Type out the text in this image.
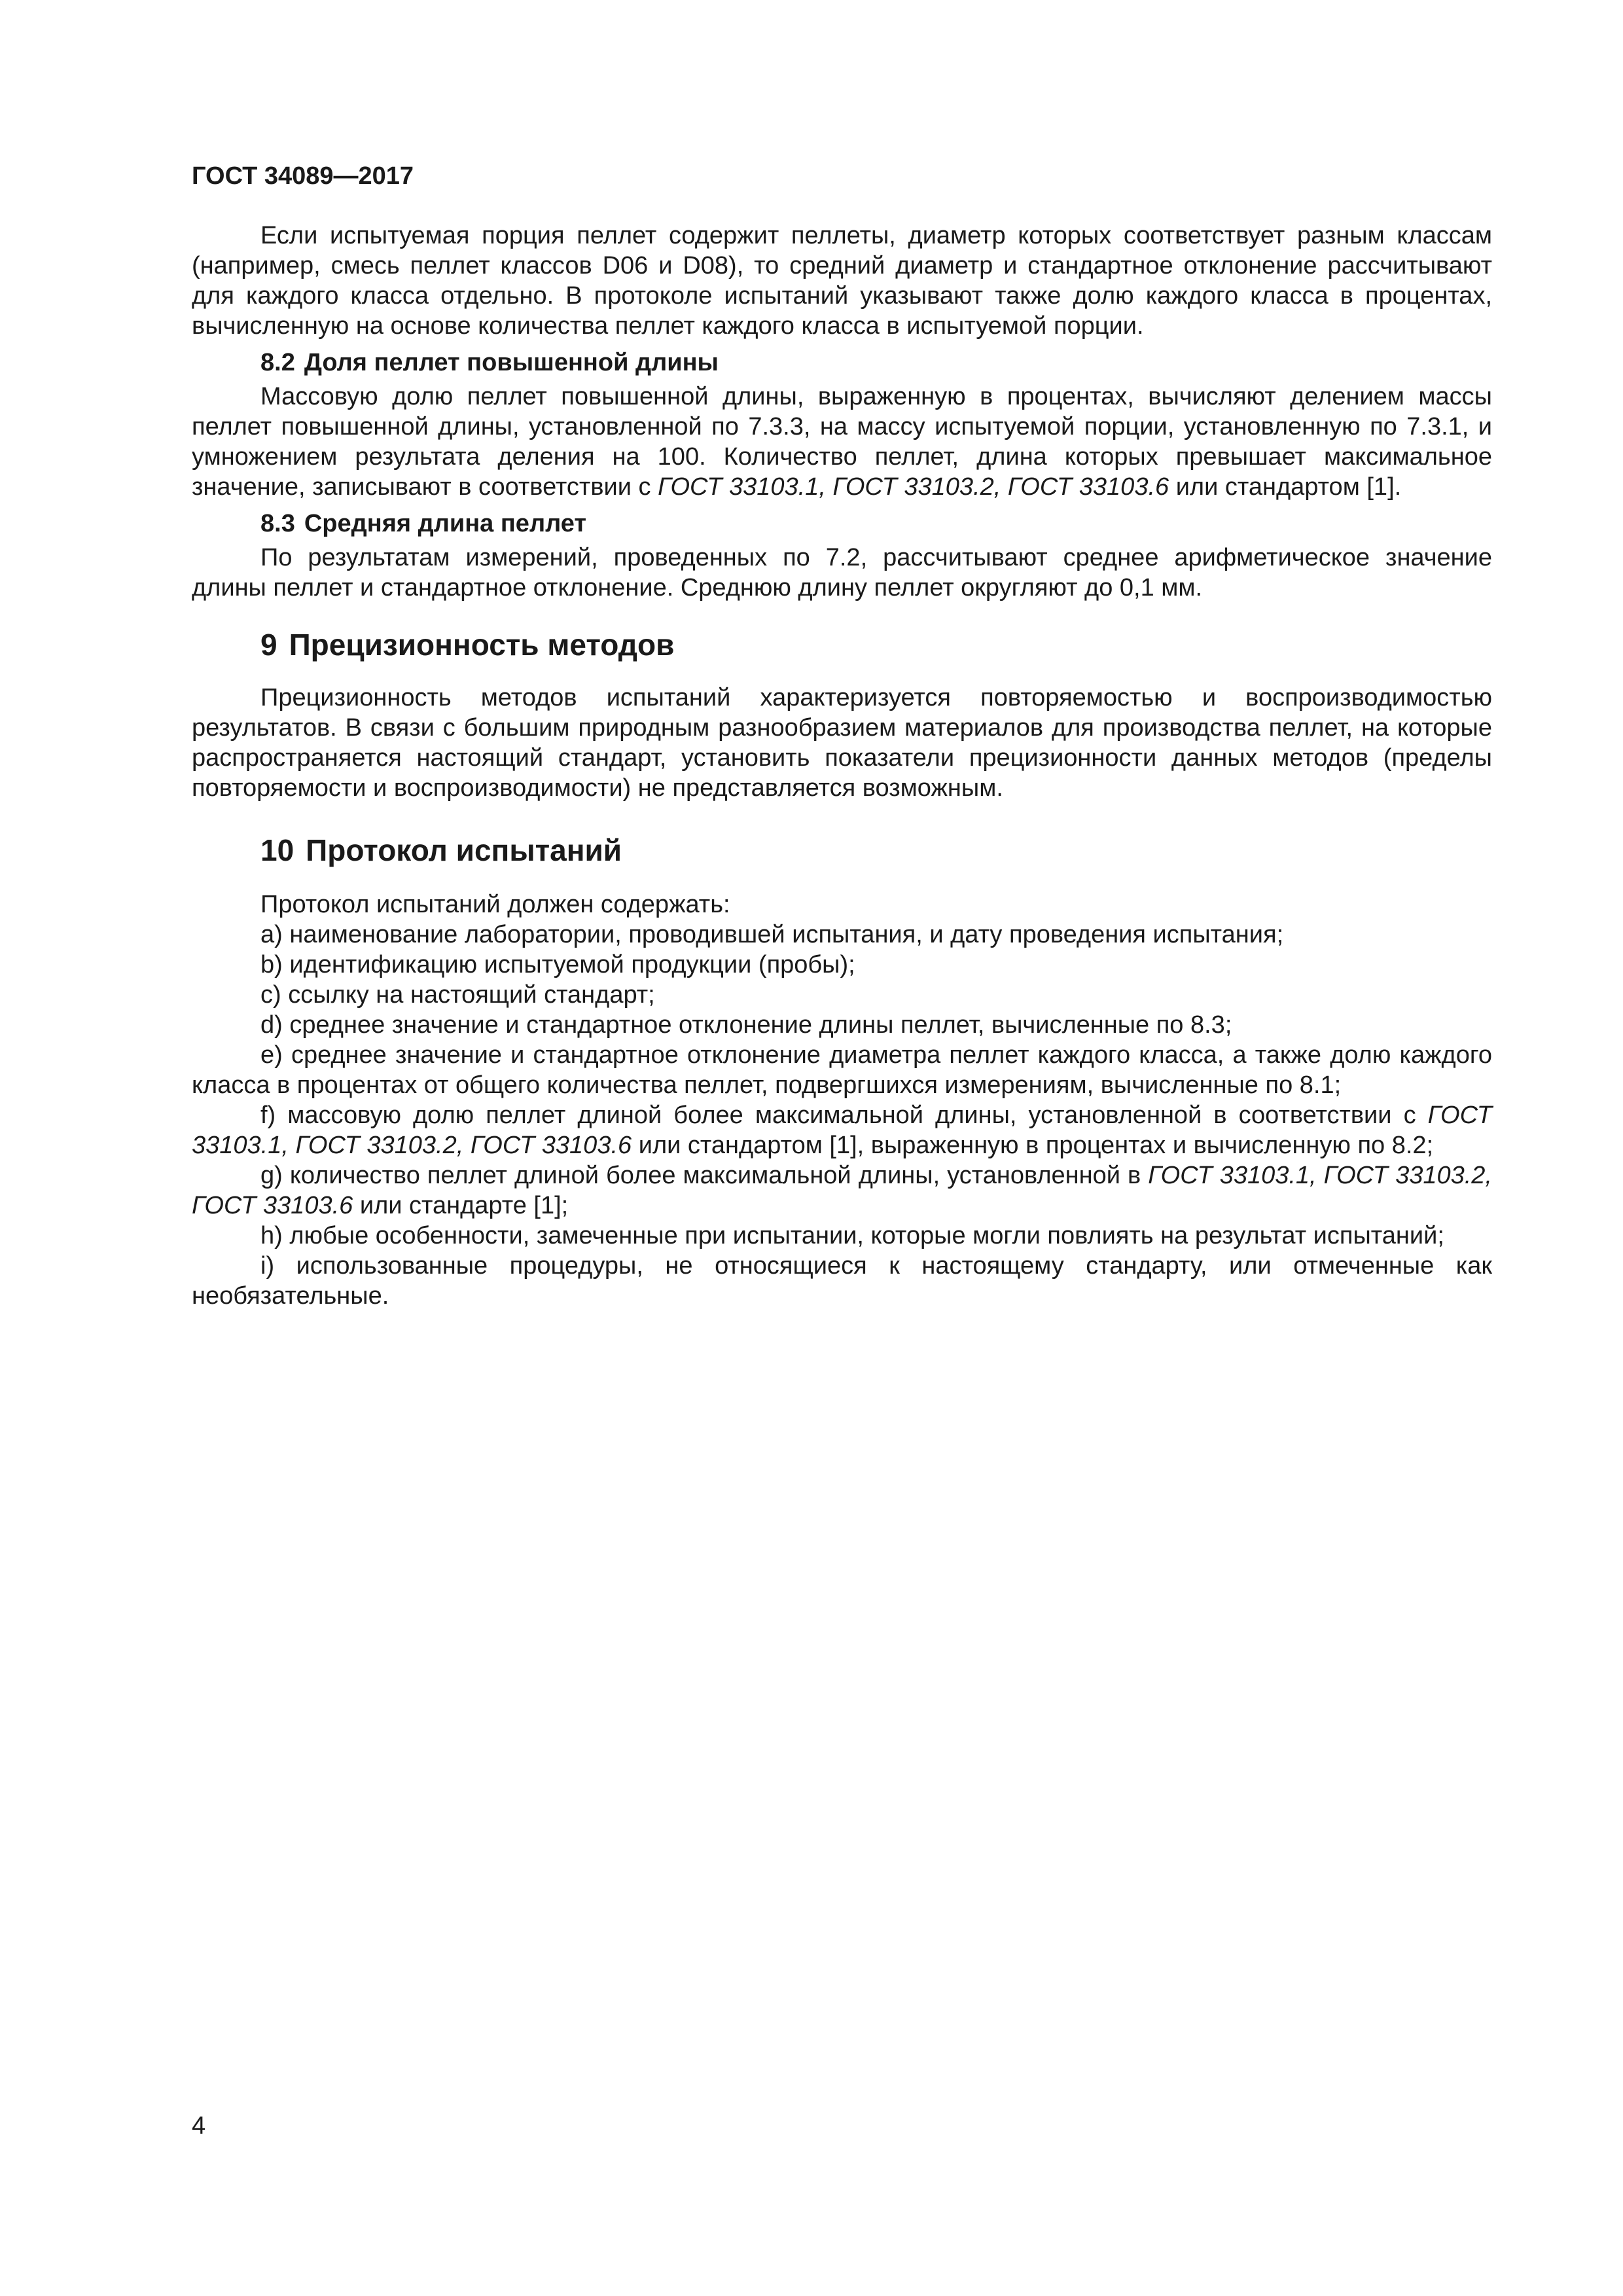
ГОСТ 34089—2017

Если испытуемая порция пеллет содержит пеллеты, диаметр которых соответствует разным классам (например, смесь пеллет классов D06 и D08), то средний диаметр и стандартное отклонение рассчитывают для каждого класса отдельно. В протоколе испытаний указывают также долю каждого класса в процентах, вычисленную на основе количества пеллет каждого класса в испытуемой порции.

8.2 Доля пеллет повышенной длины

Массовую долю пеллет повышенной длины, выраженную в процентах, вычисляют делением массы пеллет повышенной длины, установленной по 7.3.3, на массу испытуемой порции, установленную по 7.3.1, и умножением результата деления на 100. Количество пеллет, длина которых превышает максимальное значение, записывают в соответствии с ГОСТ 33103.1, ГОСТ 33103.2, ГОСТ 33103.6 или стандартом [1].

8.3 Средняя длина пеллет

По результатам измерений, проведенных по 7.2, рассчитывают среднее арифметическое значение длины пеллет и стандартное отклонение. Среднюю длину пеллет округляют до 0,1 мм.

9 Прецизионность методов

Прецизионность методов испытаний характеризуется повторяемостью и воспроизводимостью результатов. В связи с большим природным разнообразием материалов для производства пеллет, на которые распространяется настоящий стандарт, установить показатели прецизионности данных методов (пределы повторяемости и воспроизводимости) не представляется возможным.

10 Протокол испытаний

Протокол испытаний должен содержать:

a) наименование лаборатории, проводившей испытания, и дату проведения испытания;

b) идентификацию испытуемой продукции (пробы);

c) ссылку на настоящий стандарт;

d) среднее значение и стандартное отклонение длины пеллет, вычисленные по 8.3;

e) среднее значение и стандартное отклонение диаметра пеллет каждого класса, а также долю каждого класса в процентах от общего количества пеллет, подвергшихся измерениям, вычисленные по 8.1;

f) массовую долю пеллет длиной более максимальной длины, установленной в соответствии с ГОСТ 33103.1, ГОСТ 33103.2, ГОСТ 33103.6 или стандартом [1], выраженную в процентах и вычисленную по 8.2;

g) количество пеллет длиной более максимальной длины, установленной в ГОСТ 33103.1, ГОСТ 33103.2, ГОСТ 33103.6 или стандарте [1];

h) любые особенности, замеченные при испытании, которые могли повлиять на результат испытаний;

i) использованные процедуры, не относящиеся к настоящему стандарту, или отмеченные как необязательные.

4
